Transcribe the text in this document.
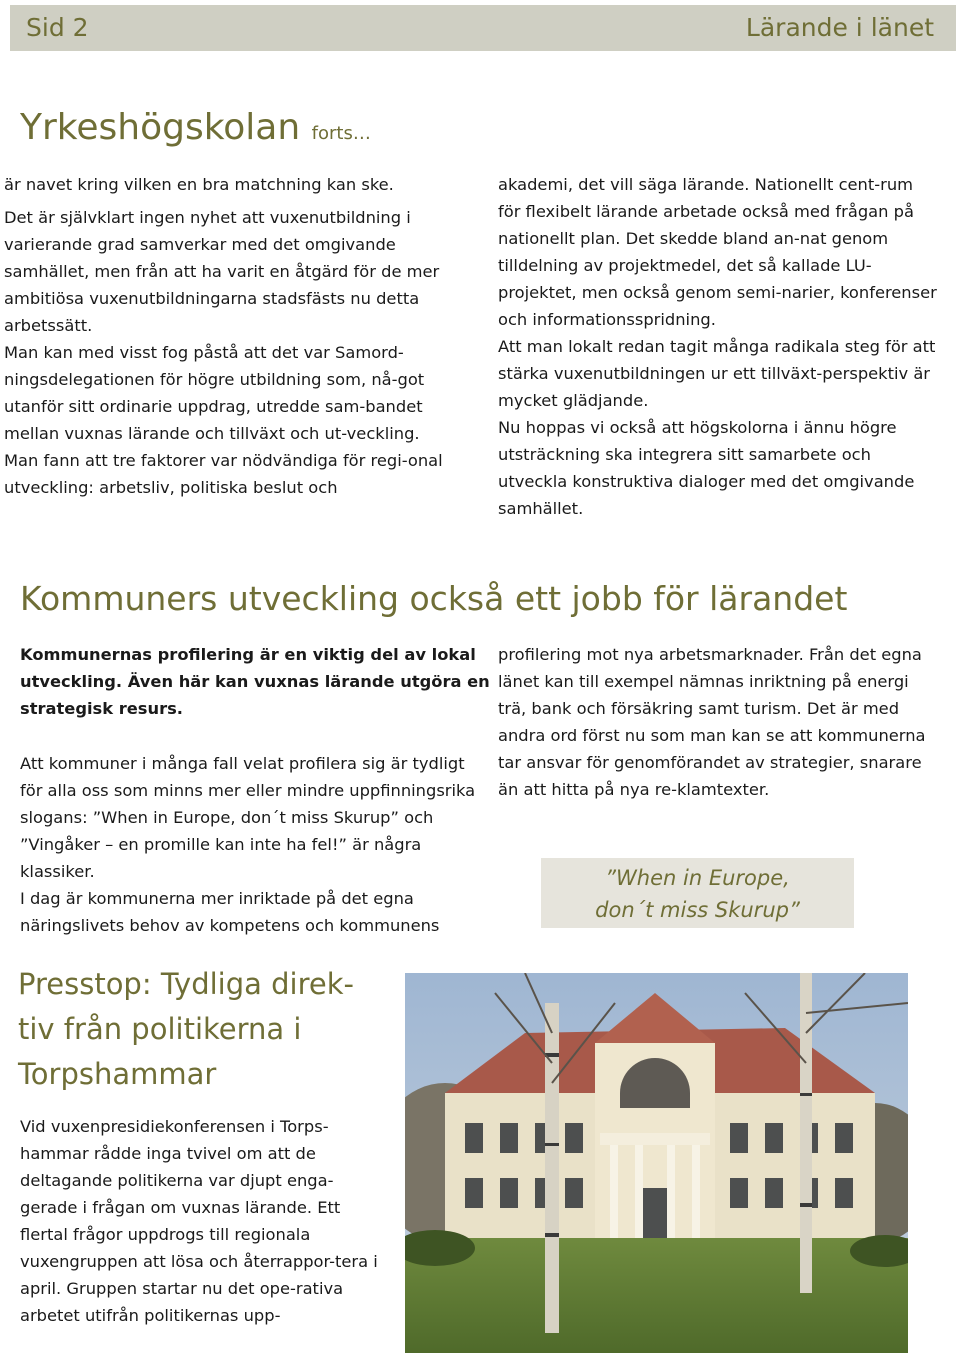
Sid 2	Lärande i länet
Yrkeshögskolan forts…

är navet kring vilken en bra matchning kan ske.

Det är självklart ingen nyhet att vuxenutbildning i varierande grad samverkar med det omgivande samhället, men från att ha varit en åtgärd för de mer ambitiösa vuxenutbildningarna stadsfästs nu detta arbetssätt.

Man kan med visst fog påstå att det var Samord-ningsdelegationen för högre utbildning som, nå-got utanför sitt ordinarie uppdrag, utredde sam-bandet mellan vuxnas lärande och tillväxt och ut-veckling.

Man fann att tre faktorer var nödvändiga för regi-onal utveckling: arbetsliv, politiska beslut och

akademi, det vill säga lärande. Nationellt cent-rum för flexibelt lärande arbetade också med frågan på nationellt plan. Det skedde bland an-nat genom tilldelning av projektmedel, det så kallade LU-projektet, men också genom semi-narier, konferenser och informationsspridning.

Att man lokalt redan tagit många radikala steg för att stärka vuxenutbildningen ur ett tillväxt-perspektiv är mycket glädjande.

Nu hoppas vi också att högskolorna i ännu högre utsträckning ska integrera sitt samarbete och utveckla konstruktiva dialoger med det omgivande samhället.

Kommuners utveckling också ett jobb för lärandet

Kommunernas profilering är en viktig del av lokal utveckling. Även här kan vuxnas lärande utgöra en strategisk resurs.

Att kommuner i många fall velat profilera sig är tydligt för alla oss som minns mer eller mindre uppfinningsrika slogans: ”When in Europe, don´t miss Skurup” och ”Vingåker – en promille kan inte ha fel!” är några klassiker.

I dag är kommunerna mer inriktade på det egna näringslivets behov av kompetens och kommunens

profilering mot nya arbetsmarknader. Från det egna länet kan till exempel nämnas inriktning på energi trä, bank och försäkring samt turism. Det är med andra ord först nu som man kan se att kommunerna tar ansvar för genomförandet av strategier, snarare än att hitta på nya re-klamtexter.

”When in Europe,
don´t miss Skurup”
Presstop: Tydliga direk-
tiv från politikerna i
Torpshammar

Vid vuxenpresidiekonferensen i Torps-hammar rådde inga tvivel om att de deltagande politikerna var djupt enga-gerade i frågan om vuxnas lärande. Ett flertal frågor uppdrogs till regionala vuxengruppen att lösa och återrappor-tera i april. Gruppen startar nu det ope-rativa arbetet utifrån politikernas upp-
